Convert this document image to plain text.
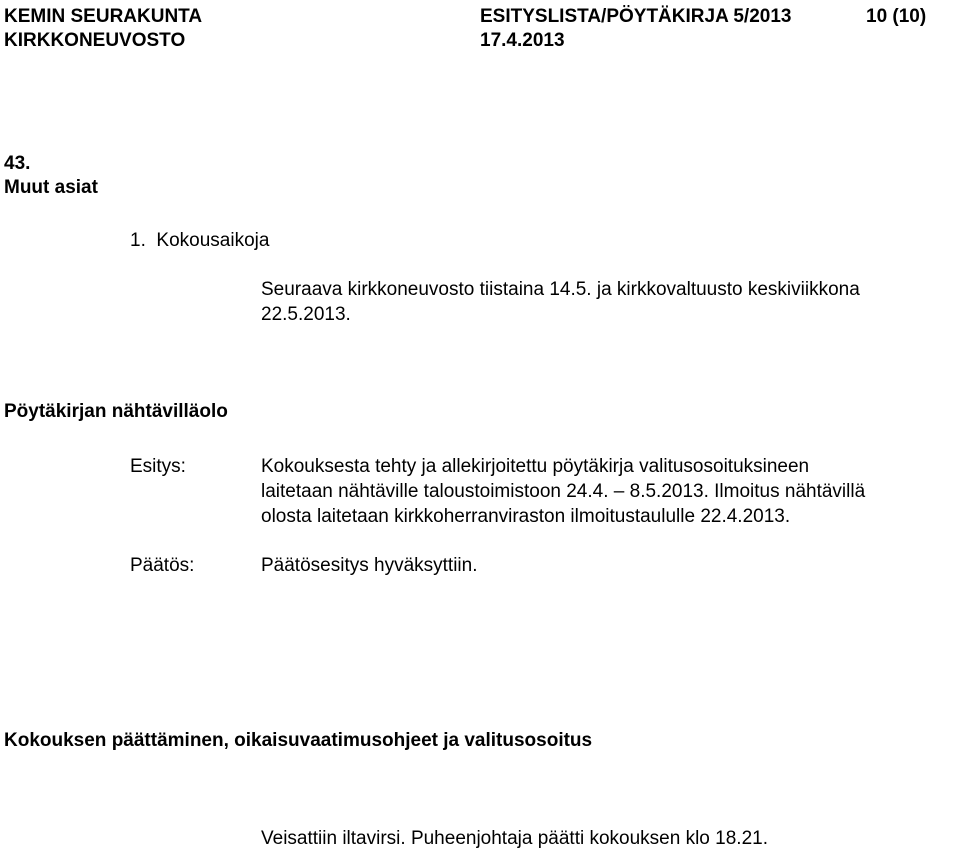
KEMIN SEURAKUNTA
KIRKKONEUVOSTO
ESITYSLISTA/PÖYTÄKIRJA 5/2013
17.4.2013
10 (10)
43.
Muut asiat
1.  Kokousaikoja
Seuraava kirkkoneuvosto tiistaina 14.5. ja kirkkovaltuusto keskiviikkona
22.5.2013.
Pöytäkirjan nähtävilläolo
Esitys:	Kokouksesta tehty ja allekirjoitettu pöytäkirja valitusosoituksineen
laitetaan nähtäville taloustoimistoon 24.4. – 8.5.2013. Ilmoitus nähtävillä
olosta laitetaan kirkkoherranviraston ilmoitustaululle 22.4.2013.
Päätös:	Päätösesitys hyväksyttiin.
Kokouksen päättäminen, oikaisuvaatimusohjeet ja valitusosoitus
Veisattiin iltavirsi. Puheenjohtaja päätti kokouksen klo 18.21.
